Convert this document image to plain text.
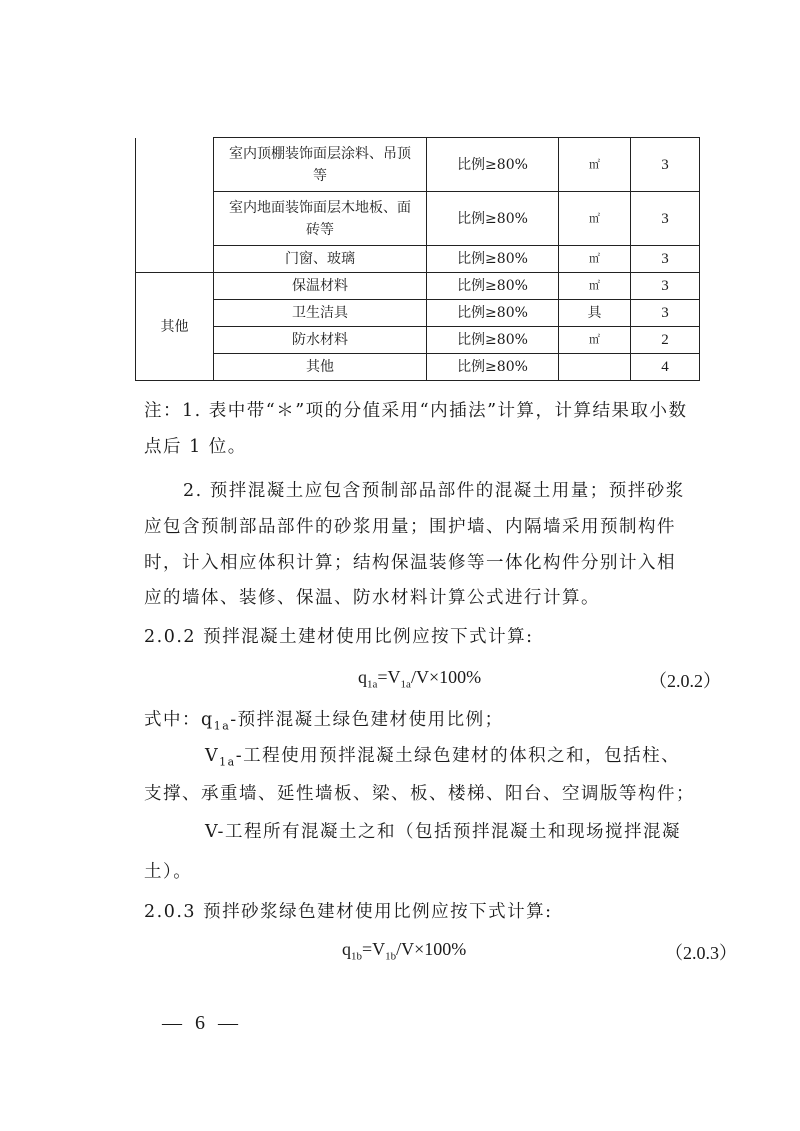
	室内顶棚装饰面层涂料、吊顶
等	比例≥80%	㎡	3
	室内地面装饰面层木地板、面
砖等	比例≥80%	㎡	3
	门窗、玻璃	比例≥80%	㎡	3
其他	保温材料	比例≥80%	㎡	3
	卫生洁具	比例≥80%	具	3
	防水材料	比例≥80%	㎡	2
	其他	比例≥80%		4
注：1. 表中带“＊”项的分值采用“内插法”计算，计算结果取小数
点后 1 位。
2. 预拌混凝土应包含预制部品部件的混凝土用量；预拌砂浆
应包含预制部品部件的砂浆用量；围护墙、内隔墙采用预制构件
时，计入相应体积计算；结构保温装修等一体化构件分别计入相
应的墙体、装修、保温、防水材料计算公式进行计算。
2.0.2 预拌混凝土建材使用比例应按下式计算:
$q_{1a}=V_{1a}/V\times 100\%$	（2.0.2）
式中：$q_{1a}-$预拌混凝土绿色建材使用比例；
$V_{1a}-$工程使用预拌混凝土绿色建材的体积之和，包括柱、
支撑、承重墙、延性墙板、梁、板、楼梯、阳台、空调版等构件；
V-工程所有混凝土之和（包括预拌混凝土和现场搅拌混凝
土）。
2.0.3 预拌砂浆绿色建材使用比例应按下式计算:
$q_{1b}=V_{1b}/V\times 100\%$	（2.0.3）
— 6 —
